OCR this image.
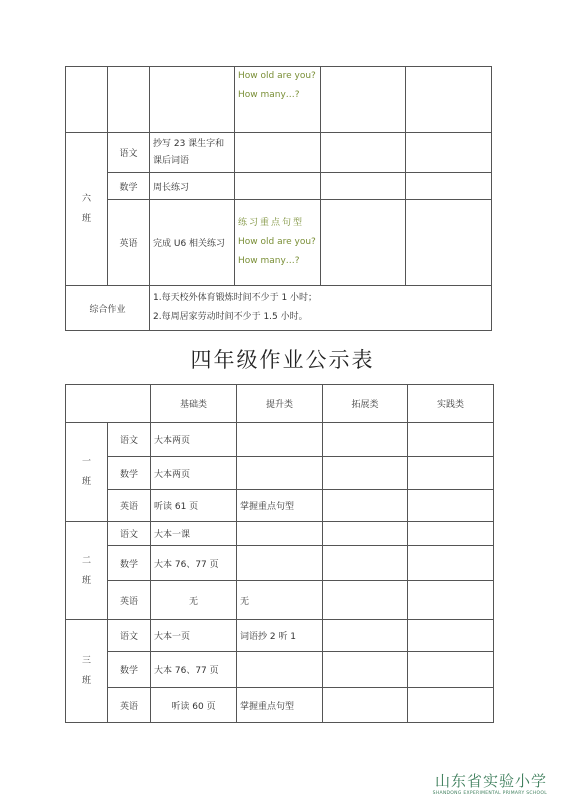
			How old are you?
How many…?		

六
班	语文	抄写 23 课生字和课后词语			
	数学	周长练习			
	英语	完成 U6 相关练习	练习重点句型
How old are you?
How many…?		

综合作业		1.每天校外体育锻炼时间不少于 1 小时；
2.每周居家劳动时间不少于 1.5 小时。			
四年级作业公示表
		基础类	提升类	拓展类	实践类

一
班	语文	大本两页			
	数学	大本两页			
	英语	听读 61 页	掌握重点句型		

二
班	语文	大本一课			
	数学	大本 76、77 页			
	英语	无	无		

三
班	语文	大本一页	词语抄 2 听 1		
	数学	大本 76、77 页			
	英语	听读 60 页	掌握重点句型		
山东省实验小学
SHANDONG EXPERIMENTAL PRIMARY SCHOOL
